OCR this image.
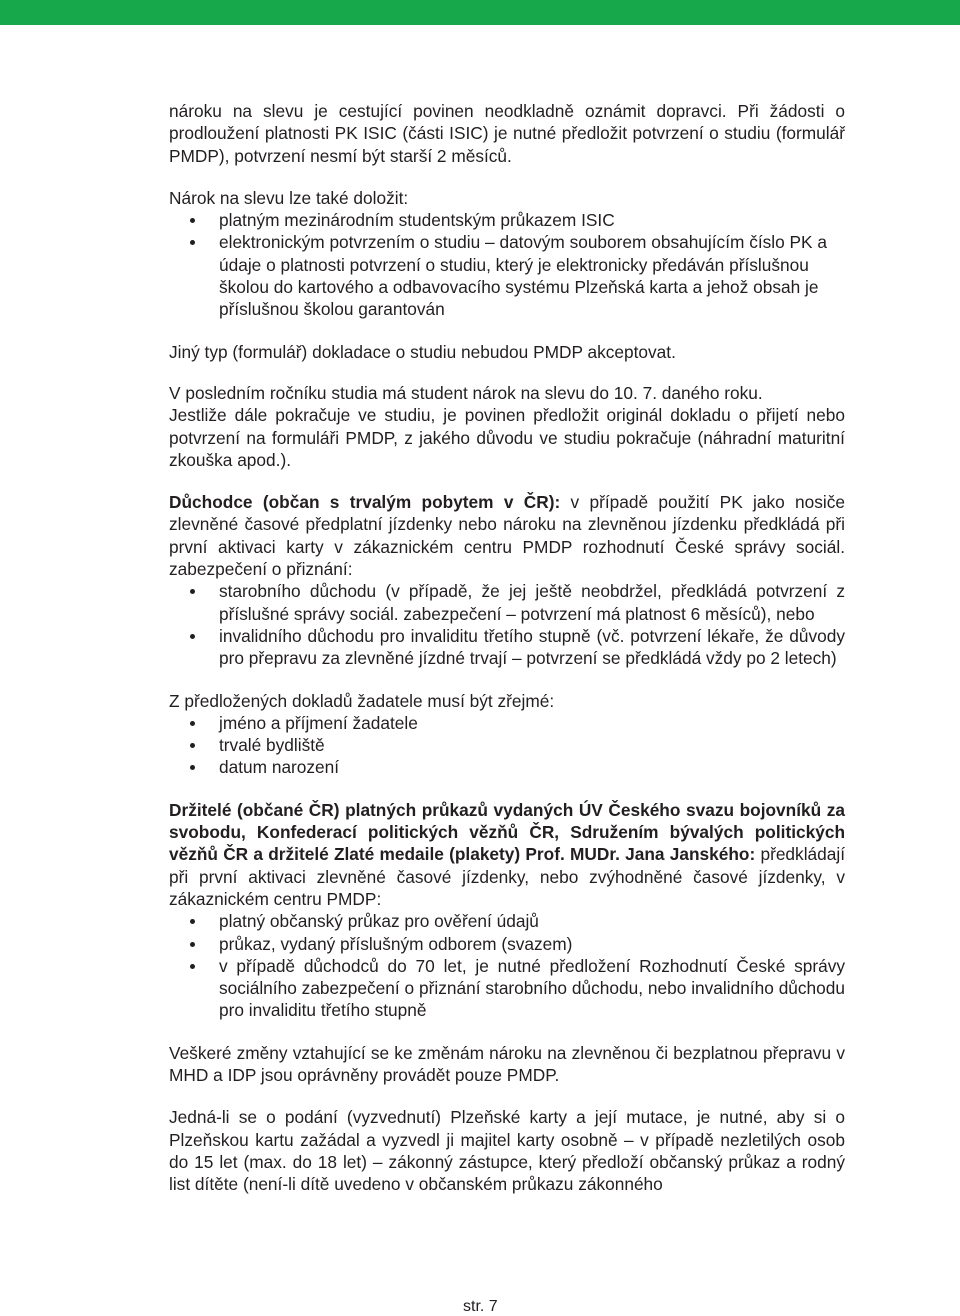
nároku na slevu je cestující povinen neodkladně oznámit dopravci. Při žádosti o prodloužení platnosti PK ISIC (části ISIC) je nutné předložit potvrzení o studiu (formulář PMDP), potvrzení nesmí být starší 2 měsíců.

Nárok na slevu lze také doložit:

platným mezinárodním studentským průkazem ISIC
elektronickým potvrzením o studiu – datovým souborem obsahujícím číslo PK a údaje o platnosti potvrzení o studiu, který je elektronicky předáván příslušnou školou do kartového a odbavovacího systému Plzeňská karta a jehož obsah je příslušnou školou garantován

Jiný typ (formulář) dokladace o studiu nebudou PMDP akceptovat.

V posledním ročníku studia má student nárok na slevu do 10. 7. daného roku.

Jestliže dále pokračuje ve studiu, je povinen předložit originál dokladu o přijetí nebo potvrzení na formuláři PMDP, z jakého důvodu ve studiu pokračuje (náhradní maturitní zkouška apod.).

Důchodce (občan s trvalým pobytem v ČR): v případě použití PK jako nosiče zlevněné časové předplatní jízdenky nebo nároku na zlevněnou jízdenku předkládá při první aktivaci karty v zákaznickém centru PMDP rozhodnutí České správy sociál. zabezpečení o přiznání:

starobního důchodu (v případě, že jej ještě neobdržel, předkládá potvrzení z příslušné správy sociál. zabezpečení – potvrzení má platnost 6 měsíců), nebo
invalidního důchodu pro invaliditu třetího stupně (vč. potvrzení lékaře, že důvody pro přepravu za zlevněné jízdné trvají – potvrzení se předkládá vždy po 2 letech)

Z předložených dokladů žadatele musí být zřejmé:

jméno a příjmení žadatele
trvalé bydliště
datum narození

Držitelé (občané ČR) platných průkazů vydaných ÚV Českého svazu bojovníků za svobodu, Konfederací politických vězňů ČR, Sdružením bývalých politických vězňů ČR a držitelé Zlaté medaile (plakety) Prof. MUDr. Jana Janského: předkládají při první aktivaci zlevněné časové jízdenky, nebo zvýhodněné časové jízdenky, v zákaznickém centru PMDP:

platný občanský průkaz pro ověření údajů
průkaz, vydaný příslušným odborem (svazem)
v případě důchodců do 70 let, je nutné předložení Rozhodnutí České správy sociálního zabezpečení o přiznání starobního důchodu, nebo invalidního důchodu pro invaliditu třetího stupně

Veškeré změny vztahující se ke změnám nároku na zlevněnou či bezplatnou přepravu v MHD a IDP jsou oprávněny provádět pouze PMDP.

Jedná-li se o podání (vyzvednutí) Plzeňské karty a její mutace, je nutné, aby si o Plzeňskou kartu zažádal a vyzvedl ji majitel karty osobně – v případě nezletilých osob do 15 let (max. do 18 let) – zákonný zástupce, který předloží občanský průkaz a rodný list dítěte (není-li dítě uvedeno v občanském průkazu zákonného

str. 7
